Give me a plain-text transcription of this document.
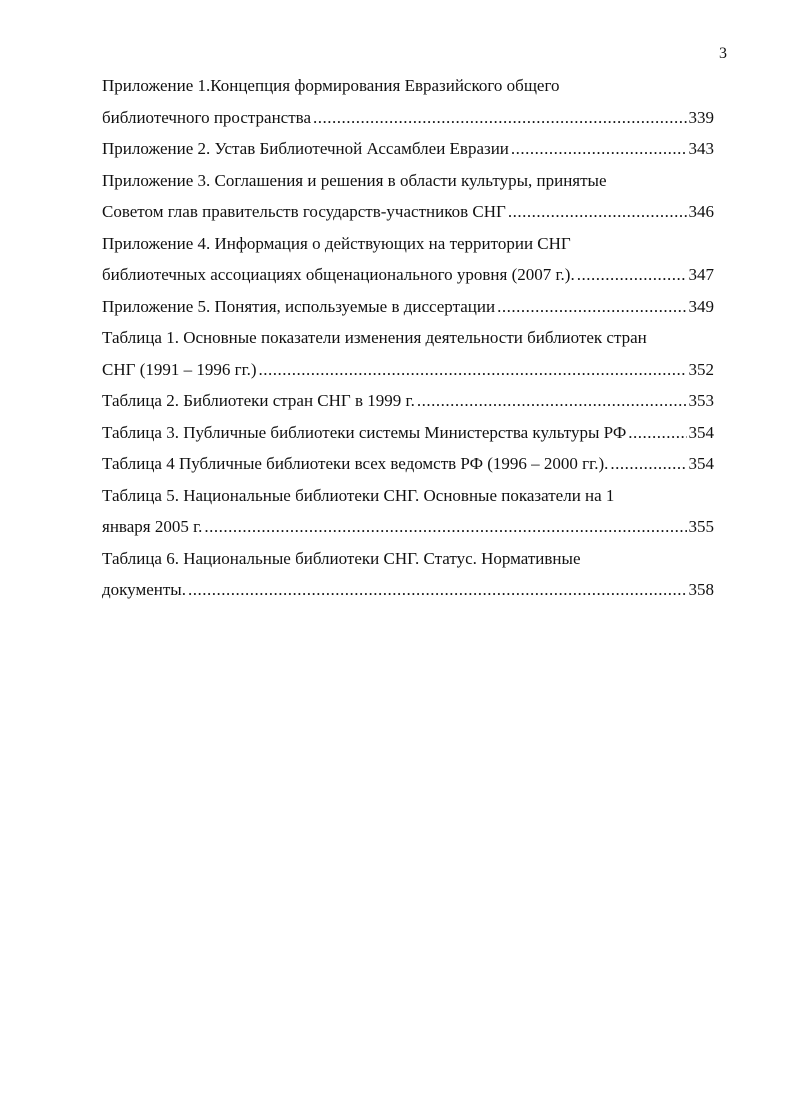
3
Приложение 1.Концепция формирования Евразийского общего
библиотечного пространства .....	339
Приложение 2. Устав Библиотечной Ассамблеи Евразии .....	343
Приложение 3. Соглашения и решения в области культуры, принятые
Советом глав правительств государств-участников СНГ .....	346
Приложение 4. Информация о действующих на территории СНГ
библиотечных ассоциациях общенационального уровня (2007 г.). .....	347
Приложение 5. Понятия, используемые в диссертации .....	349
Таблица 1. Основные показатели изменения деятельности библиотек стран
СНГ (1991 – 1996 гг.) .....	352
Таблица 2. Библиотеки стран СНГ в 1999 г. .....	353
Таблица 3. Публичные библиотеки системы Министерства культуры РФ .....	354
Таблица 4 Публичные библиотеки всех ведомств РФ (1996 – 2000 гг.). .....	354
Таблица 5. Национальные библиотеки СНГ. Основные показатели на 1
января 2005 г. .....	355
Таблица 6. Национальные библиотеки СНГ. Статус. Нормативные
документы. .....	358
